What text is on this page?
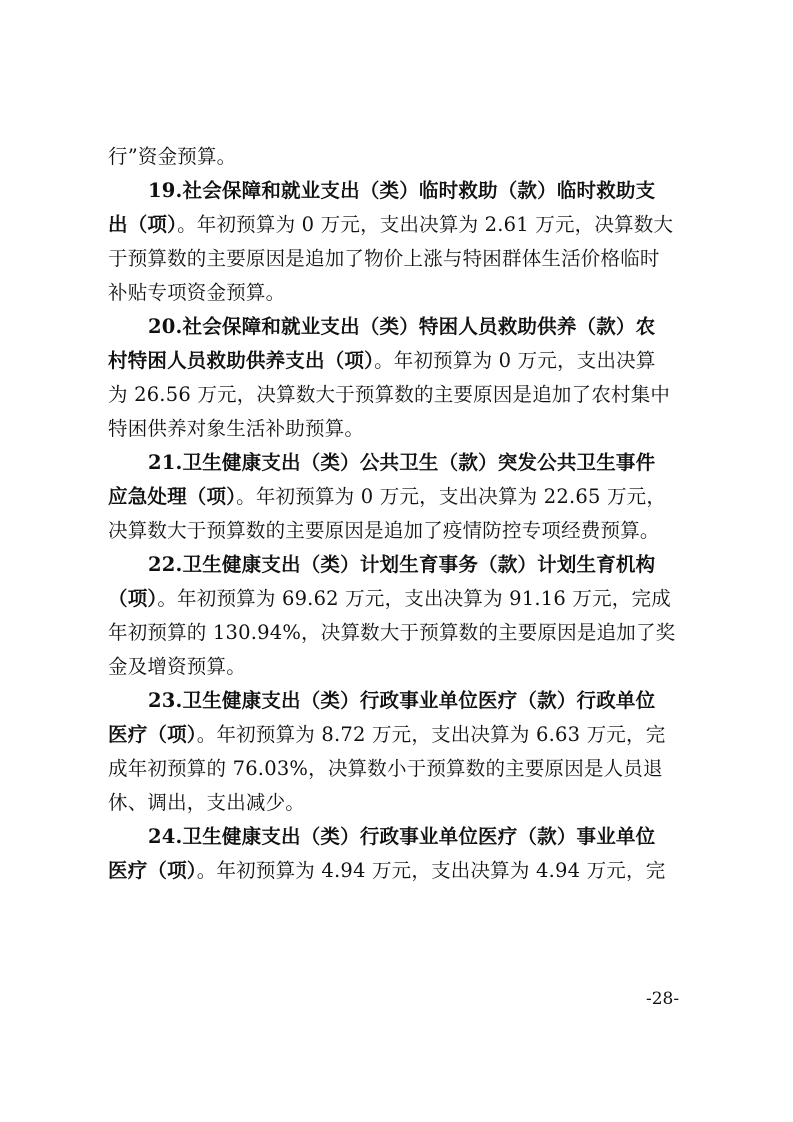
行”资金预算。
19.社会保障和就业支出（类）临时救助（款）临时救助支
出（项）。年初预算为 0 万元，支出决算为 2.61 万元，决算数大
于预算数的主要原因是追加了物价上涨与特困群体生活价格临时
补贴专项资金预算。
20.社会保障和就业支出（类）特困人员救助供养（款）农
村特困人员救助供养支出（项）。年初预算为 0 万元，支出决算
为 26.56 万元，决算数大于预算数的主要原因是追加了农村集中
特困供养对象生活补助预算。
21.卫生健康支出（类）公共卫生（款）突发公共卫生事件
应急处理（项）。年初预算为 0 万元，支出决算为 22.65 万元，
决算数大于预算数的主要原因是追加了疫情防控专项经费预算。
22.卫生健康支出（类）计划生育事务（款）计划生育机构
（项）。年初预算为 69.62 万元，支出决算为 91.16 万元，完成
年初预算的 130.94%，决算数大于预算数的主要原因是追加了奖
金及增资预算。
23.卫生健康支出（类）行政事业单位医疗（款）行政单位
医疗（项）。年初预算为 8.72 万元，支出决算为 6.63 万元，完
成年初预算的 76.03%，决算数小于预算数的主要原因是人员退
休、调出，支出减少。
24.卫生健康支出（类）行政事业单位医疗（款）事业单位
医疗（项）。年初预算为 4.94 万元，支出决算为 4.94 万元，完
-28-
